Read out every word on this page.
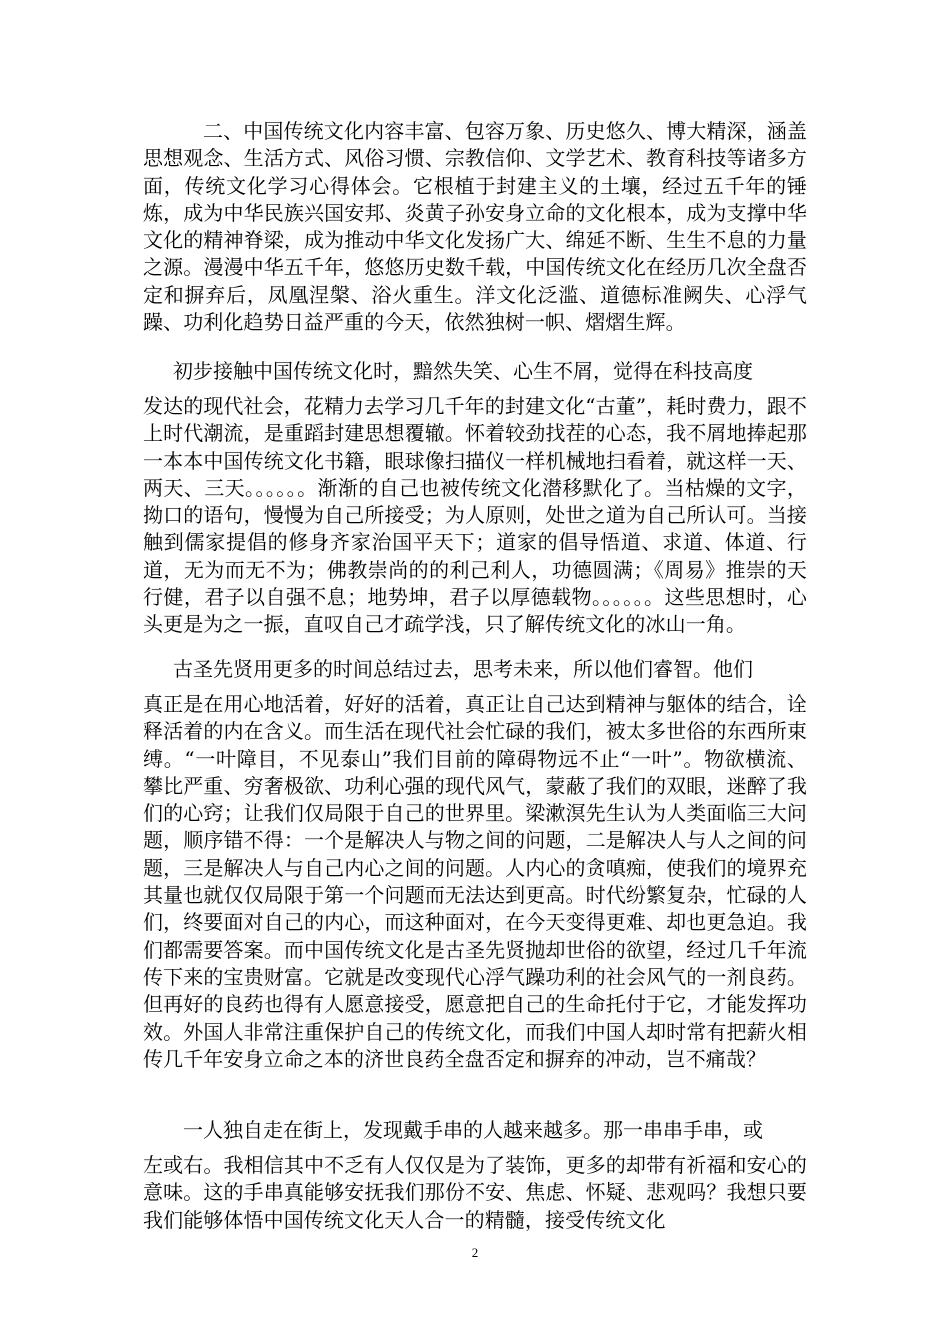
二、中国传统文化内容丰富、包容万象、历史悠久、博大精深，涵盖思想观念、生活方式、风俗习惯、宗教信仰、文学艺术、教育科技等诸多方面，传统文化学习心得体会。它根植于封建主义的土壤，经过五千年的锤炼，成为中华民族兴国安邦、炎黄子孙安身立命的文化根本，成为支撑中华文化的精神脊梁，成为推动中华文化发扬广大、绵延不断、生生不息的力量之源。漫漫中华五千年，悠悠历史数千载，中国传统文化在经历几次全盘否定和摒弃后，凤凰涅槃、浴火重生。洋文化泛滥、道德标准阙失、心浮气躁、功利化趋势日益严重的今天，依然独树一帜、熠熠生辉。

初步接触中国传统文化时，黯然失笑、心生不屑，觉得在科技高度

发达的现代社会，花精力去学习几千年的封建文化“古董”，耗时费力，跟不上时代潮流，是重蹈封建思想覆辙。怀着较劲找茬的心态，我不屑地捧起那一本本中国传统文化书籍，眼球像扫描仪一样机械地扫看着，就这样一天、两天、三天。。。。。。渐渐的自己也被传统文化潜移默化了。当枯燥的文字，拗口的语句，慢慢为自己所接受；为人原则，处世之道为自己所认可。当接触到儒家提倡的修身齐家治国平天下；道家的倡导悟道、求道、体道、行道，无为而无不为；佛教崇尚的的利己利人，功德圆满；《周易》推崇的天行健，君子以自强不息；地势坤，君子以厚德载物。。。。。。这些思想时，心头更是为之一振，直叹自己才疏学浅，只了解传统文化的冰山一角。

古圣先贤用更多的时间总结过去，思考未来，所以他们睿智。他们

真正是在用心地活着，好好的活着，真正让自己达到精神与躯体的结合，诠释活着的内在含义。而生活在现代社会忙碌的我们，被太多世俗的东西所束缚。“一叶障目，不见泰山”我们目前的障碍物远不止“一叶”。物欲横流、攀比严重、穷奢极欲、功利心强的现代风气，蒙蔽了我们的双眼，迷醉了我们的心窍；让我们仅局限于自己的世界里。梁漱溟先生认为人类面临三大问题，顺序错不得：一个是解决人与物之间的问题，二是解决人与人之间的问题，三是解决人与自己内心之间的问题。人内心的贪嗔痴，使我们的境界充其量也就仅仅局限于第一个问题而无法达到更高。时代纷繁复杂，忙碌的人们，终要面对自己的内心，而这种面对，在今天变得更难、却也更急迫。我们都需要答案。而中国传统文化是古圣先贤抛却世俗的欲望，经过几千年流传下来的宝贵财富。它就是改变现代心浮气躁功利的社会风气的一剂良药。但再好的良药也得有人愿意接受，愿意把自己的生命托付于它，才能发挥功效。外国人非常注重保护自己的传统文化，而我们中国人却时常有把薪火相传几千年安身立命之本的济世良药全盘否定和摒弃的冲动，岂不痛哉？

一人独自走在街上，发现戴手串的人越来越多。那一串串手串，或

左或右。我相信其中不乏有人仅仅是为了装饰，更多的却带有祈福和安心的意味。这的手串真能够安抚我们那份不安、焦虑、怀疑、悲观吗？我想只要我们能够体悟中国传统文化天人合一的精髓，接受传统文化

2
